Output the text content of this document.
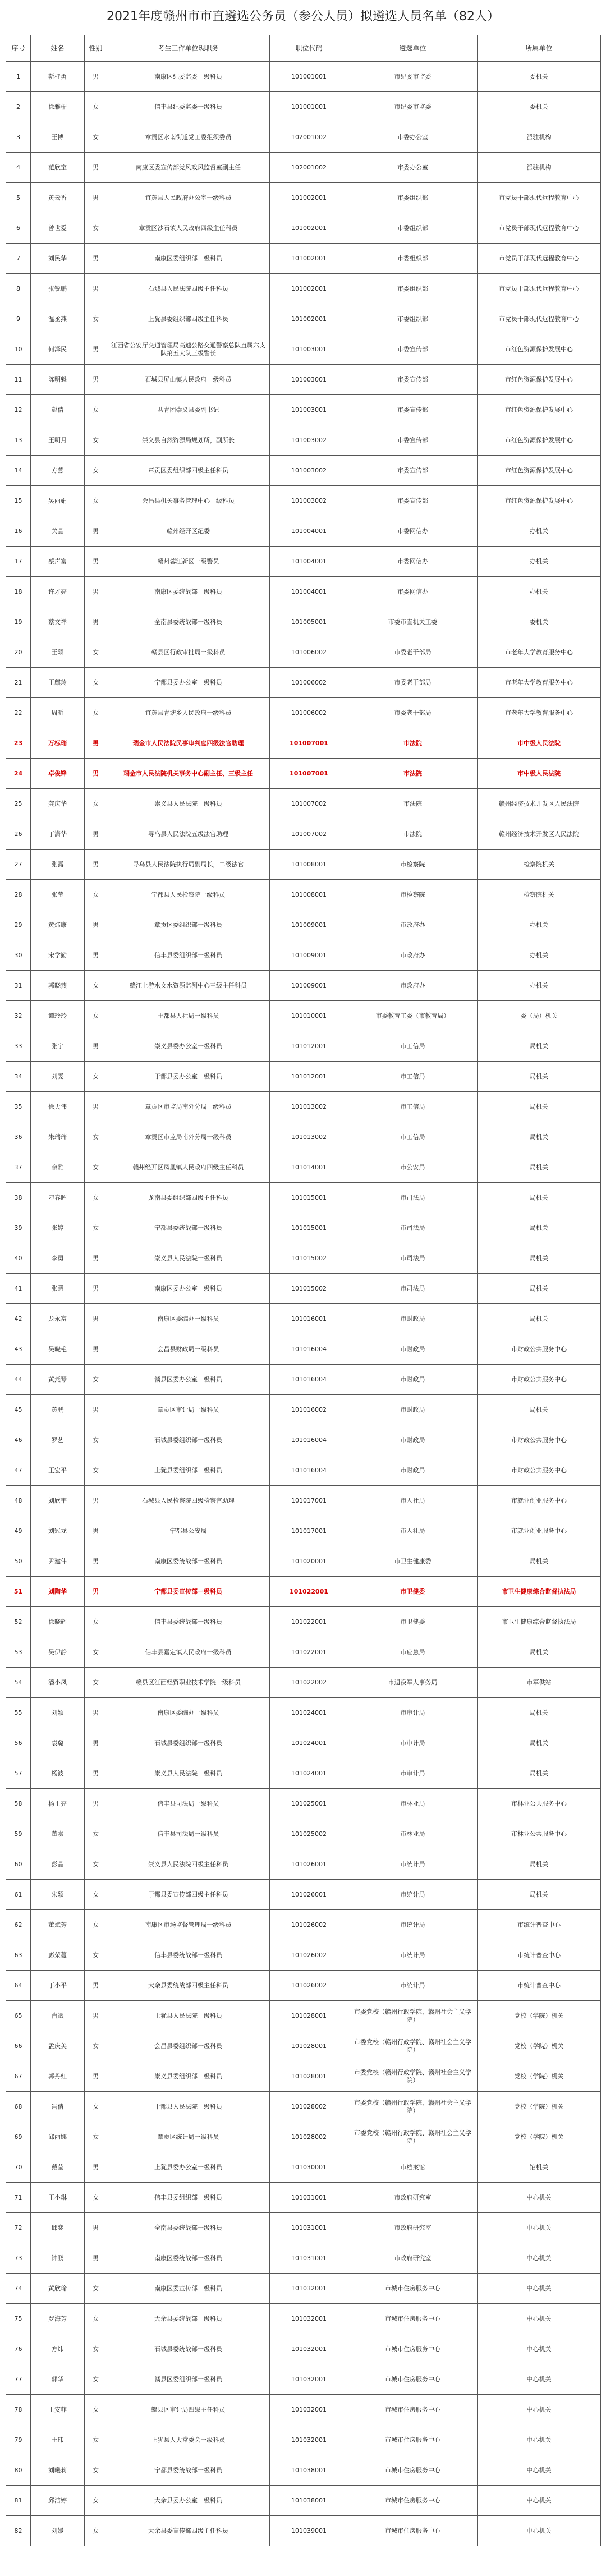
2021年度赣州市市直遴选公务员（参公人员）拟遴选人员名单（82人）
序号	姓名	性别	考生工作单位现职务	职位代码	遴选单位	所属单位
1	靳桂勇	男	南康区纪委监委一级科员	101001001	市纪委市监委	委机关
2	徐雅楣	女	信丰县纪委监委一级科员	101001001	市纪委市监委	委机关
3	王博	女	章贡区水南街道党工委组织委员	102001002	市委办公室	派驻机构
4	范欣宝	男	南康区委宣传部党风政风监督室副主任	102001002	市委办公室	派驻机构
5	黄云香	男	宜黄县人民政府办公室一级科员	101002001	市委组织部	市党员干部现代远程教育中心
6	曾世爱	女	章贡区沙石镇人民政府四级主任科员	101002001	市委组织部	市党员干部现代远程教育中心
7	刘民华	男	南康区委组织部一级科员	101002001	市委组织部	市党员干部现代远程教育中心
8	张锐鹏	男	石城县人民法院四级主任科员	101002001	市委组织部	市党员干部现代远程教育中心
9	温丞燕	女	上犹县委组织部四级主任科员	101002001	市委组织部	市党员干部现代远程教育中心
10	何泽民	男	江西省公安厅交通管理局高速公路交通警察总队直属六支队第五大队三级警长	101003001	市委宣传部	市红色资源保护发展中心
11	陈明魁	男	石城县屏山镇人民政府一级科员	101003001	市委宣传部	市红色资源保护发展中心
12	彭倩	女	共青团崇义县委副书记	101003001	市委宣传部	市红色资源保护发展中心
13	王明月	女	崇义县自然资源局规划所，副所长	101003002	市委宣传部	市红色资源保护发展中心
14	方燕	女	章贡区委组织部四级主任科员	101003002	市委宣传部	市红色资源保护发展中心
15	吴丽娟	女	会昌县机关事务管理中心一级科员	101003002	市委宣传部	市红色资源保护发展中心
16	关晶	男	赣州经开区纪委	101004001	市委网信办	办机关
17	蔡声富	男	赣州蓉江新区一级警员	101004001	市委网信办	办机关
18	许才亮	男	南康区委统战部一级科员	101004001	市委网信办	办机关
19	蔡文祥	男	全南县委统战部一级科员	101005001	市委市直机关工委	委机关
20	王颖	女	赣县区行政审批局一级科员	101006002	市委老干部局	市老年大学教育服务中心
21	王麒玲	女	宁都县委办公室一级科员	101006002	市委老干部局	市老年大学教育服务中心
22	周昕	女	宜黄县青塘乡人民政府一级科员	101006002	市委老干部局	市老年大学教育服务中心
23	万标瑞	男	瑞金市人民法院民事审判庭四级法官助理	101007001	市法院	市中级人民法院
24	卓俊锋	男	瑞金市人民法院机关事务中心副主任、三级主任	101007001	市法院	市中级人民法院
25	龚庆华	女	崇义县人民法院一级科员	101007002	市法院	赣州经济技术开发区人民法院
26	丁潇华	男	寻乌县人民法院五级法官助理	101007002	市法院	赣州经济技术开发区人民法院
27	张露	男	寻乌县人民法院执行局副局长，二级法官	101008001	市检察院	检察院机关
28	张莹	女	宁都县人民检察院一级科员	101008001	市检察院	检察院机关
29	黄炜康	男	章贡区委组织部一级科员	101009001	市政府办	办机关
30	宋学勤	男	信丰县委组织部一级科员	101009001	市政府办	办机关
31	郭晓燕	女	赣江上游水文水资源监测中心三级主任科员	101009001	市政府办	办机关
32	谭玲玲	女	于都县人社局一级科员	101010001	市委教育工委（市教育局）	委（局）机关
33	张宇	男	崇义县委办公室一级科员	101012001	市工信局	局机关
34	刘雯	女	于都县委办公室一级科员	101012001	市工信局	局机关
35	徐天伟	男	章贡区市监局南外分局一级科员	101013002	市工信局	局机关
36	朱瑞瑞	女	章贡区市监局南外分局一级科员	101013002	市工信局	局机关
37	余雅	女	赣州经开区凤凰镇人民政府四级主任科员	101014001	市公安局	局机关
38	刁春晖	女	龙南县委组织部四级主任科员	101015001	市司法局	局机关
39	张婷	女	宁都县委统战部一级科员	101015001	市司法局	局机关
40	李勇	男	崇义县人民法院一级科员	101015002	市司法局	局机关
41	张慧	男	南康区委办公室一级科员	101015002	市司法局	局机关
42	龙永富	男	南康区委编办一级科员	101016001	市财政局	局机关
43	吴晓艳	男	会昌县财政局一级科员	101016004	市财政局	市财政公共服务中心
44	黄燕琴	女	赣县区委办公室一级科员	101016004	市财政局	市财政公共服务中心
45	黄鹏	男	章贡区审计局一级科员	101016002	市财政局	局机关
46	罗艺	女	石城县委组织部一级科员	101016004	市财政局	市财政公共服务中心
47	王宏平	女	上犹县委组织部一级科员	101016004	市财政局	市财政公共服务中心
48	刘欣宇	男	石城县人民检察院四级检察官助理	101017001	市人社局	市就业创业服务中心
49	刘冠龙	男	宁都县公安局	101017001	市人社局	市就业创业服务中心
50	尹建伟	男	南康区委统战部一级科员	101020001	市卫生健康委	局机关
51	刘陶华	男	宁都县委宣传部一级科员	101022001	市卫健委	市卫生健康综合监督执法局
52	徐晓辉	女	信丰县委统战部一级科员	101022001	市卫健委	市卫生健康综合监督执法局
53	吴伊静	女	信丰县嘉定镇人民政府一级科员	101022001	市应急局	局机关
54	潘小凤	女	赣县区江西经贸职业技术学院一级科员	101022002	市退役军人事务局	市军供站
55	刘颖	男	南康区委编办一级科员	101024001	市审计局	局机关
56	袁璐	男	石城县委组织部一级科员	101024001	市审计局	局机关
57	杨波	男	崇义县人民法院一级科员	101024001	市审计局	局机关
58	杨正亮	男	信丰县司法局一级科员	101025001	市林业局	市林业公共服务中心
59	董嘉	女	信丰县司法局一级科员	101025002	市林业局	市林业公共服务中心
60	彭晶	女	崇义县人民法院四级主任科员	101026001	市统计局	局机关
61	朱颖	女	于都县委宣传部四级主任科员	101026001	市统计局	局机关
62	董斌芳	女	南康区市场监督管理局一级科员	101026002	市统计局	市统计普查中心
63	彭荣蔓	女	信丰县委统战部一级科员	101026002	市统计局	市统计普查中心
64	丁小平	男	大余县委统战部四级主任科员	101026002	市统计局	市统计普查中心
65	肖斌	男	上犹县人民法院一级科员	101028001	市委党校（赣州行政学院、赣州社会主义学院）	党校（学院）机关
66	孟庆美	女	会昌县委组织部一级科员	101028001	市委党校（赣州行政学院、赣州社会主义学院）	党校（学院）机关
67	郭丹红	男	崇义县委组织部一级科员	101028001	市委党校（赣州行政学院、赣州社会主义学院）	党校（学院）机关
68	冯倩	女	于都县人民法院一级科员	101028002	市委党校（赣州行政学院、赣州社会主义学院）	党校（学院）机关
69	邱丽娜	女	章贡区统计局一级科员	101028002	市委党校（赣州行政学院、赣州社会主义学院）	党校（学院）机关
70	戴莹	男	上犹县委办公室一级科员	101030001	市档案馆	馆机关
71	王小琳	女	信丰县委组织部一级科员	101031001	市政府研究室	中心机关
72	邱奕	男	全南县委统战部一级科员	101031001	市政府研究室	中心机关
73	钟鹏	男	南康区委统战部一级科员	101031001	市政府研究室	中心机关
74	黄欣瑜	女	南康区委宣传部一级科员	101032001	市城市住房服务中心	中心机关
75	罗海芳	女	大余县委统战部一级科员	101032001	市城市住房服务中心	中心机关
76	方炜	女	石城县委统战部一级科员	101032001	市城市住房服务中心	中心机关
77	郭华	女	赣县区委组织部一级科员	101032001	市城市住房服务中心	中心机关
78	王安菲	女	赣县区审计局四级主任科员	101032001	市城市住房服务中心	中心机关
79	王玮	女	上犹县人大常委会一级科员	101032001	市城市住房服务中心	中心机关
80	刘曦莉	女	宁都县委统战部一级科员	101038001	市城市住房服务中心	中心机关
81	邱洁婷	女	大余县委办公室一级科员	101038001	市城市住房服务中心	中心机关
82	刘媛	女	大余县委宣传部四级主任科员	101039001	市城市住房服务中心	中心机关
